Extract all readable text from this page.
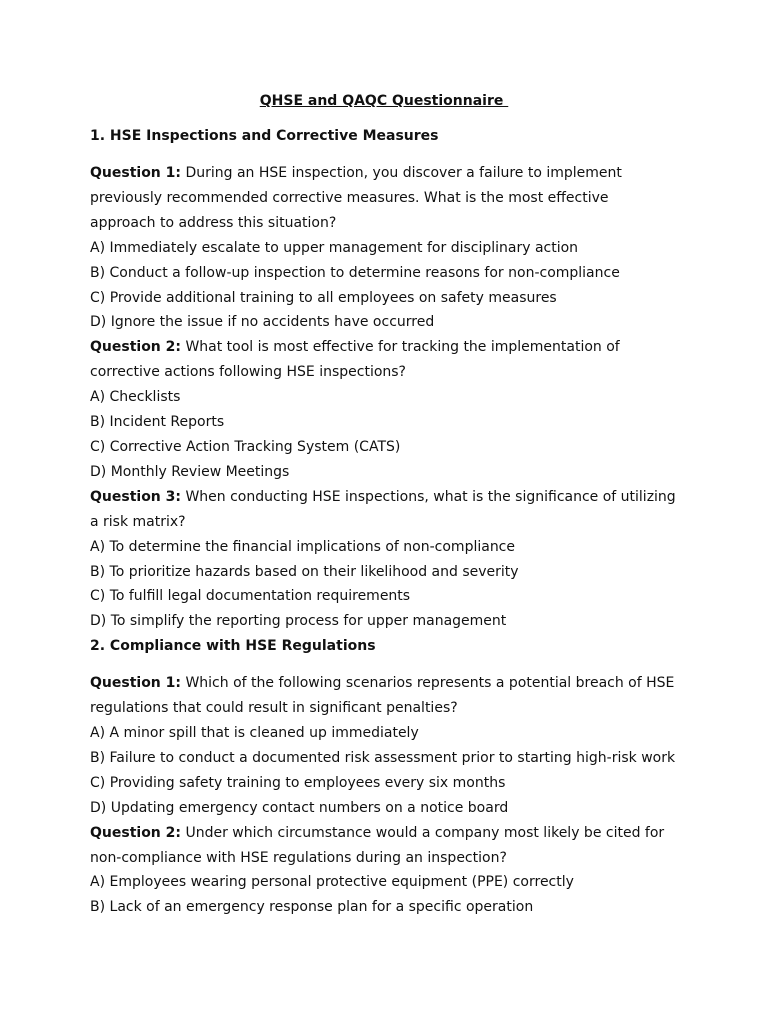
QHSE and QAQC Questionnaire
1. HSE Inspections and Corrective Measures

Question 1: During an HSE inspection, you discover a failure to implement previously recommended corrective measures. What is the most effective approach to address this situation?

A) Immediately escalate to upper management for disciplinary action

B) Conduct a follow-up inspection to determine reasons for non-compliance

C) Provide additional training to all employees on safety measures

D) Ignore the issue if no accidents have occurred

Question 2: What tool is most effective for tracking the implementation of corrective actions following HSE inspections?

A) Checklists

B) Incident Reports

C) Corrective Action Tracking System (CATS)

D) Monthly Review Meetings

Question 3: When conducting HSE inspections, what is the significance of utilizing a risk matrix?

A) To determine the financial implications of non-compliance

B) To prioritize hazards based on their likelihood and severity

C) To fulfill legal documentation requirements

D) To simplify the reporting process for upper management

2. Compliance with HSE Regulations

Question 1: Which of the following scenarios represents a potential breach of HSE regulations that could result in significant penalties?

A) A minor spill that is cleaned up immediately

B) Failure to conduct a documented risk assessment prior to starting high-risk work

C) Providing safety training to employees every six months

D) Updating emergency contact numbers on a notice board

Question 2: Under which circumstance would a company most likely be cited for non-compliance with HSE regulations during an inspection?

A) Employees wearing personal protective equipment (PPE) correctly

B) Lack of an emergency response plan for a specific operation
